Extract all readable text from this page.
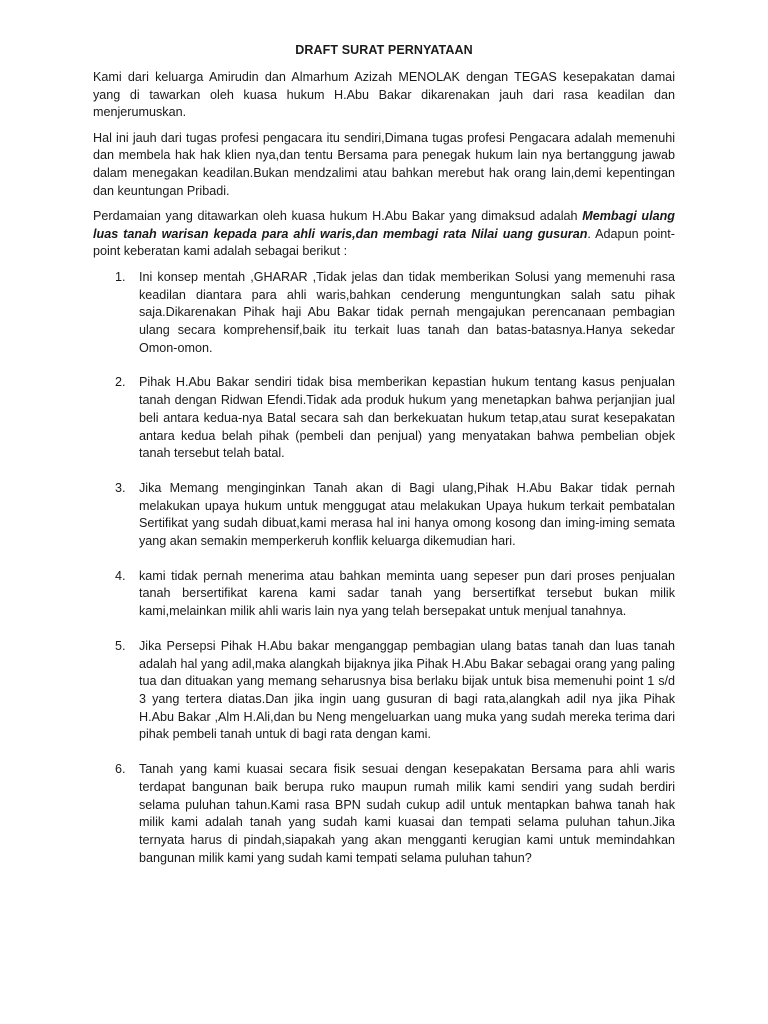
DRAFT SURAT PERNYATAAN

Kami dari keluarga Amirudin dan Almarhum Azizah MENOLAK dengan TEGAS kesepakatan damai yang di tawarkan oleh kuasa hukum H.Abu Bakar dikarenakan jauh dari rasa keadilan dan menjerumuskan.

Hal ini jauh dari tugas profesi pengacara itu sendiri,Dimana tugas profesi Pengacara adalah memenuhi dan membela hak hak klien nya,dan tentu Bersama para penegak hukum lain nya bertanggung jawab dalam menegakan keadilan.Bukan mendzalimi atau bahkan merebut hak orang lain,demi kepentingan dan keuntungan Pribadi.

Perdamaian yang ditawarkan oleh kuasa hukum H.Abu Bakar yang dimaksud adalah Membagi ulang luas tanah warisan kepada para ahli waris,dan membagi rata Nilai uang gusuran. Adapun point-point keberatan kami adalah sebagai berikut :

1. Ini konsep mentah ,GHARAR ,Tidak jelas dan tidak memberikan Solusi yang memenuhi rasa keadilan diantara para ahli waris,bahkan cenderung menguntungkan salah satu pihak saja.Dikarenakan Pihak haji Abu Bakar tidak pernah mengajukan perencanaan pembagian ulang secara komprehensif,baik itu terkait luas tanah dan batas-batasnya.Hanya sekedar Omon-omon.
2. Pihak H.Abu Bakar sendiri tidak bisa memberikan kepastian hukum tentang kasus penjualan tanah dengan Ridwan Efendi.Tidak ada produk hukum yang menetapkan bahwa perjanjian jual beli antara kedua-nya Batal secara sah dan berkekuatan hukum tetap,atau surat kesepakatan antara kedua belah pihak (pembeli dan penjual) yang menyatakan bahwa pembelian objek tanah tersebut telah batal.
3. Jika Memang menginginkan Tanah akan di Bagi ulang,Pihak H.Abu Bakar tidak pernah melakukan upaya hukum untuk menggugat atau melakukan Upaya hukum terkait pembatalan Sertifikat yang sudah dibuat,kami merasa hal ini hanya omong kosong dan iming-iming semata yang akan semakin memperkeruh konflik keluarga dikemudian hari.
4. kami tidak pernah menerima atau bahkan meminta uang sepeser pun dari proses penjualan tanah bersertifikat karena kami sadar tanah yang bersertifkat tersebut bukan milik kami,melainkan milik ahli waris lain nya yang telah bersepakat untuk menjual tanahnya.
5. Jika Persepsi Pihak H.Abu bakar menganggap pembagian ulang batas tanah dan luas tanah adalah hal yang adil,maka alangkah bijaknya jika Pihak H.Abu Bakar sebagai orang yang paling tua dan dituakan yang memang seharusnya bisa berlaku bijak untuk bisa memenuhi point 1 s/d 3 yang tertera diatas.Dan jika ingin uang gusuran di bagi rata,alangkah adil nya jika Pihak H.Abu Bakar ,Alm H.Ali,dan bu Neng mengeluarkan uang muka yang sudah mereka terima dari pihak pembeli tanah untuk di bagi rata dengan kami.
6. Tanah yang kami kuasai secara fisik sesuai dengan kesepakatan Bersama para ahli waris terdapat bangunan baik berupa ruko maupun rumah milik kami sendiri yang sudah berdiri selama puluhan tahun.Kami rasa BPN sudah cukup adil untuk mentapkan bahwa tanah hak milik kami adalah tanah yang sudah kami kuasai dan tempati selama puluhan tahun.Jika ternyata harus di pindah,siapakah yang akan mengganti kerugian kami untuk memindahkan bangunan milik kami yang sudah kami tempati selama puluhan tahun?
